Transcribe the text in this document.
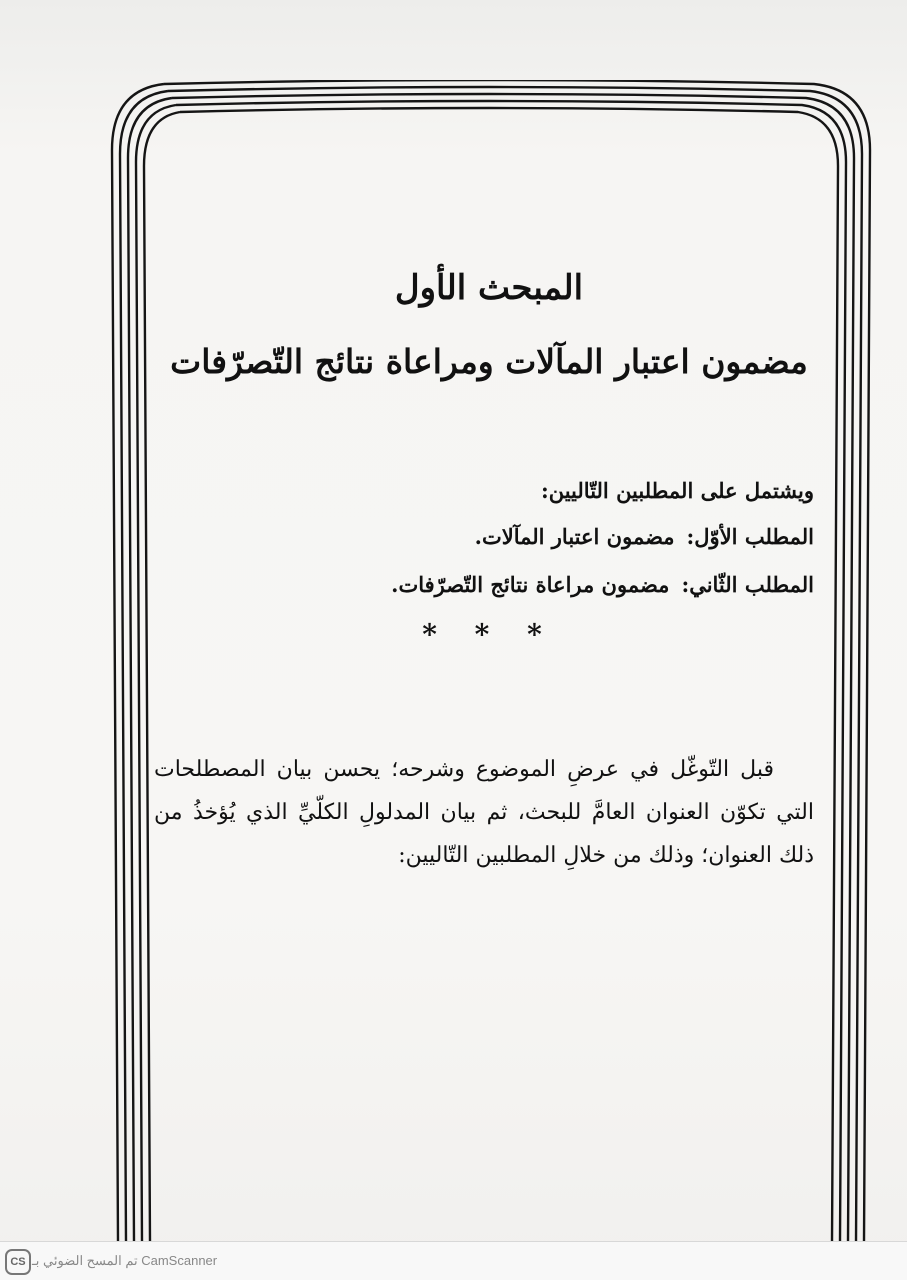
المبحث الأول
مضمون اعتبار المآلات ومراعاة نتائج التّصرّفات
ويشتمل على المطلبين التّاليين:
المطلب الأوّل:مضمون اعتبار المآلات.
المطلب الثّاني:مضمون مراعاة نتائج التّصرّفات.
* * *

قبل التّوغّل في عرضِ الموضوع وشرحه؛ يحسن بيان المصطلحات التي تكوّن العنوان العامَّ للبحث، ثم بيان المدلولِ الكلّيِّ الذي يُؤخذُ من ذلك العنوان؛ وذلك من خلالِ المطلبين التّاليين:

CS تم المسح الضوئي بـ CamScanner
